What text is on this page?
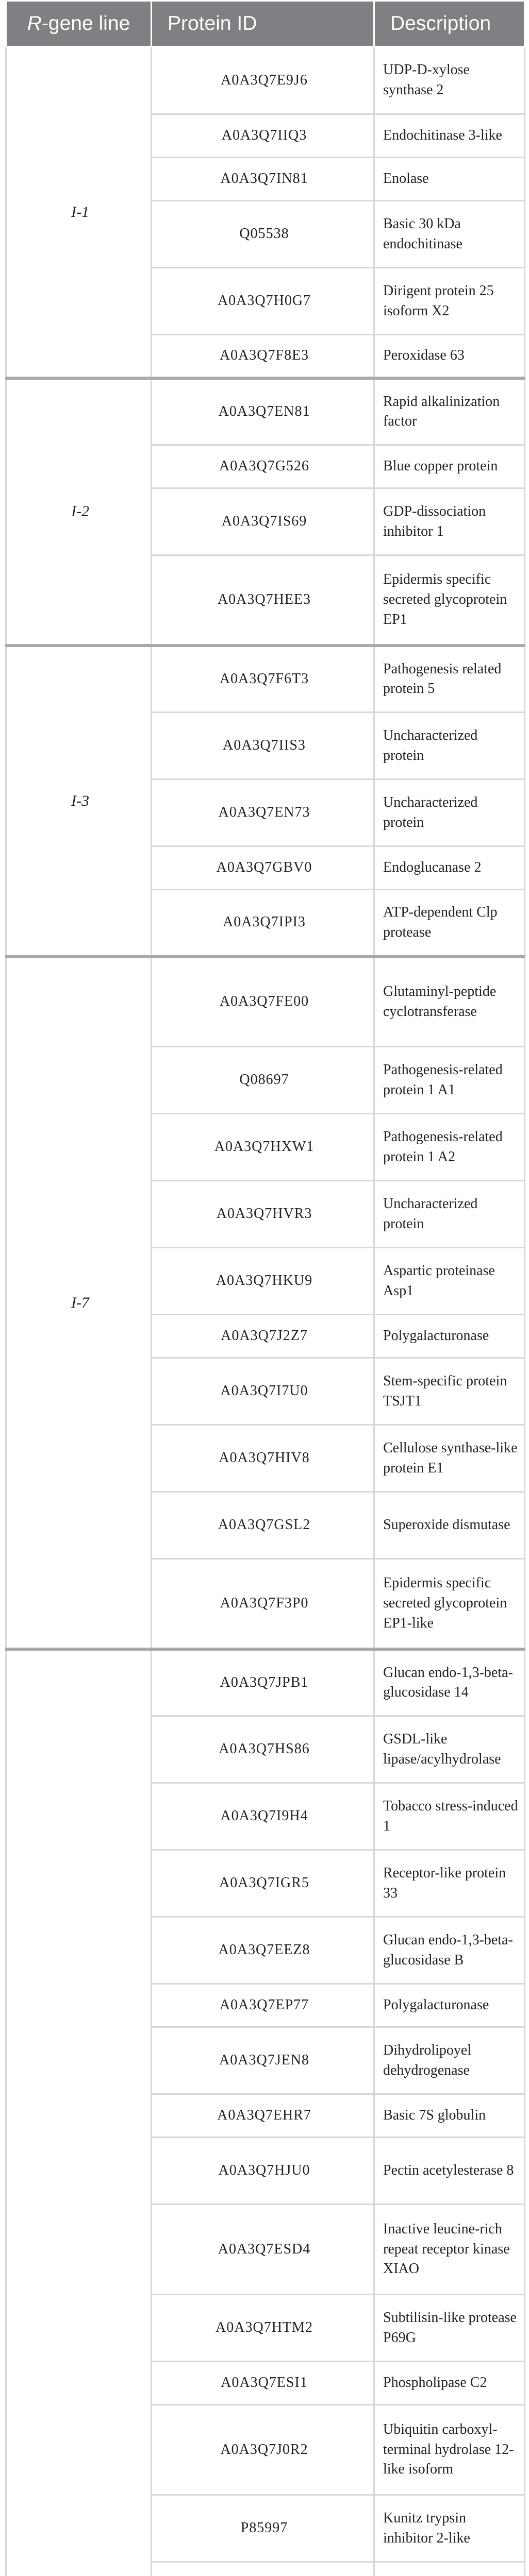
R-gene line	Protein ID	Description
I-1	A0A3Q7E9J6	UDP-D-xylose synthase 2
	A0A3Q7IIQ3	Endochitinase 3-like
	A0A3Q7IN81	Enolase
	Q05538	Basic 30 kDa endochitinase
	A0A3Q7H0G7	Dirigent protein 25 isoform X2
	A0A3Q7F8E3	Peroxidase 63
I-2	A0A3Q7EN81	Rapid alkalinization factor
	A0A3Q7G526	Blue copper protein
	A0A3Q7IS69	GDP-dissociation inhibitor 1
	A0A3Q7HEE3	Epidermis specific secreted glycoprotein EP1
I-3	A0A3Q7F6T3	Pathogenesis related protein 5
	A0A3Q7IIS3	Uncharacterized protein
	A0A3Q7EN73	Uncharacterized protein
	A0A3Q7GBV0	Endoglucanase 2
	A0A3Q7IPI3	ATP-dependent Clp protease
I-7	A0A3Q7FE00	Glutaminyl-peptide cyclotransferase
	Q08697	Pathogenesis-related protein 1 A1
	A0A3Q7HXW1	Pathogenesis-related protein 1 A2
	A0A3Q7HVR3	Uncharacterized protein
	A0A3Q7HKU9	Aspartic proteinase Asp1
	A0A3Q7J2Z7	Polygalacturonase
	A0A3Q7I7U0	Stem-specific protein TSJT1
	A0A3Q7HIV8	Cellulose synthase-like protein E1
	A0A3Q7GSL2	Superoxide dismutase
	A0A3Q7F3P0	Epidermis specific secreted glycoprotein EP1-like
	A0A3Q7JPB1	Glucan endo-1,3-beta-glucosidase 14
	A0A3Q7HS86	GSDL-like lipase/acylhydrolase
	A0A3Q7I9H4	Tobacco stress-induced 1
	A0A3Q7IGR5	Receptor-like protein 33
	A0A3Q7EEZ8	Glucan endo-1,3-beta-glucosidase B
	A0A3Q7EP77	Polygalacturonase
	A0A3Q7JEN8	Dihydrolipoyel dehydrogenase
	A0A3Q7EHR7	Basic 7S globulin
	A0A3Q7HJU0	Pectin acetylesterase 8
	A0A3Q7ESD4	Inactive leucine-rich repeat receptor kinase XIAO
	A0A3Q7HTM2	Subtilisin-like protease P69G
	A0A3Q7ESI1	Phospholipase C2
	A0A3Q7J0R2	Ubiquitin carboxyl-terminal hydrolase 12-like isoform
	P85997	Kunitz trypsin inhibitor 2-like
